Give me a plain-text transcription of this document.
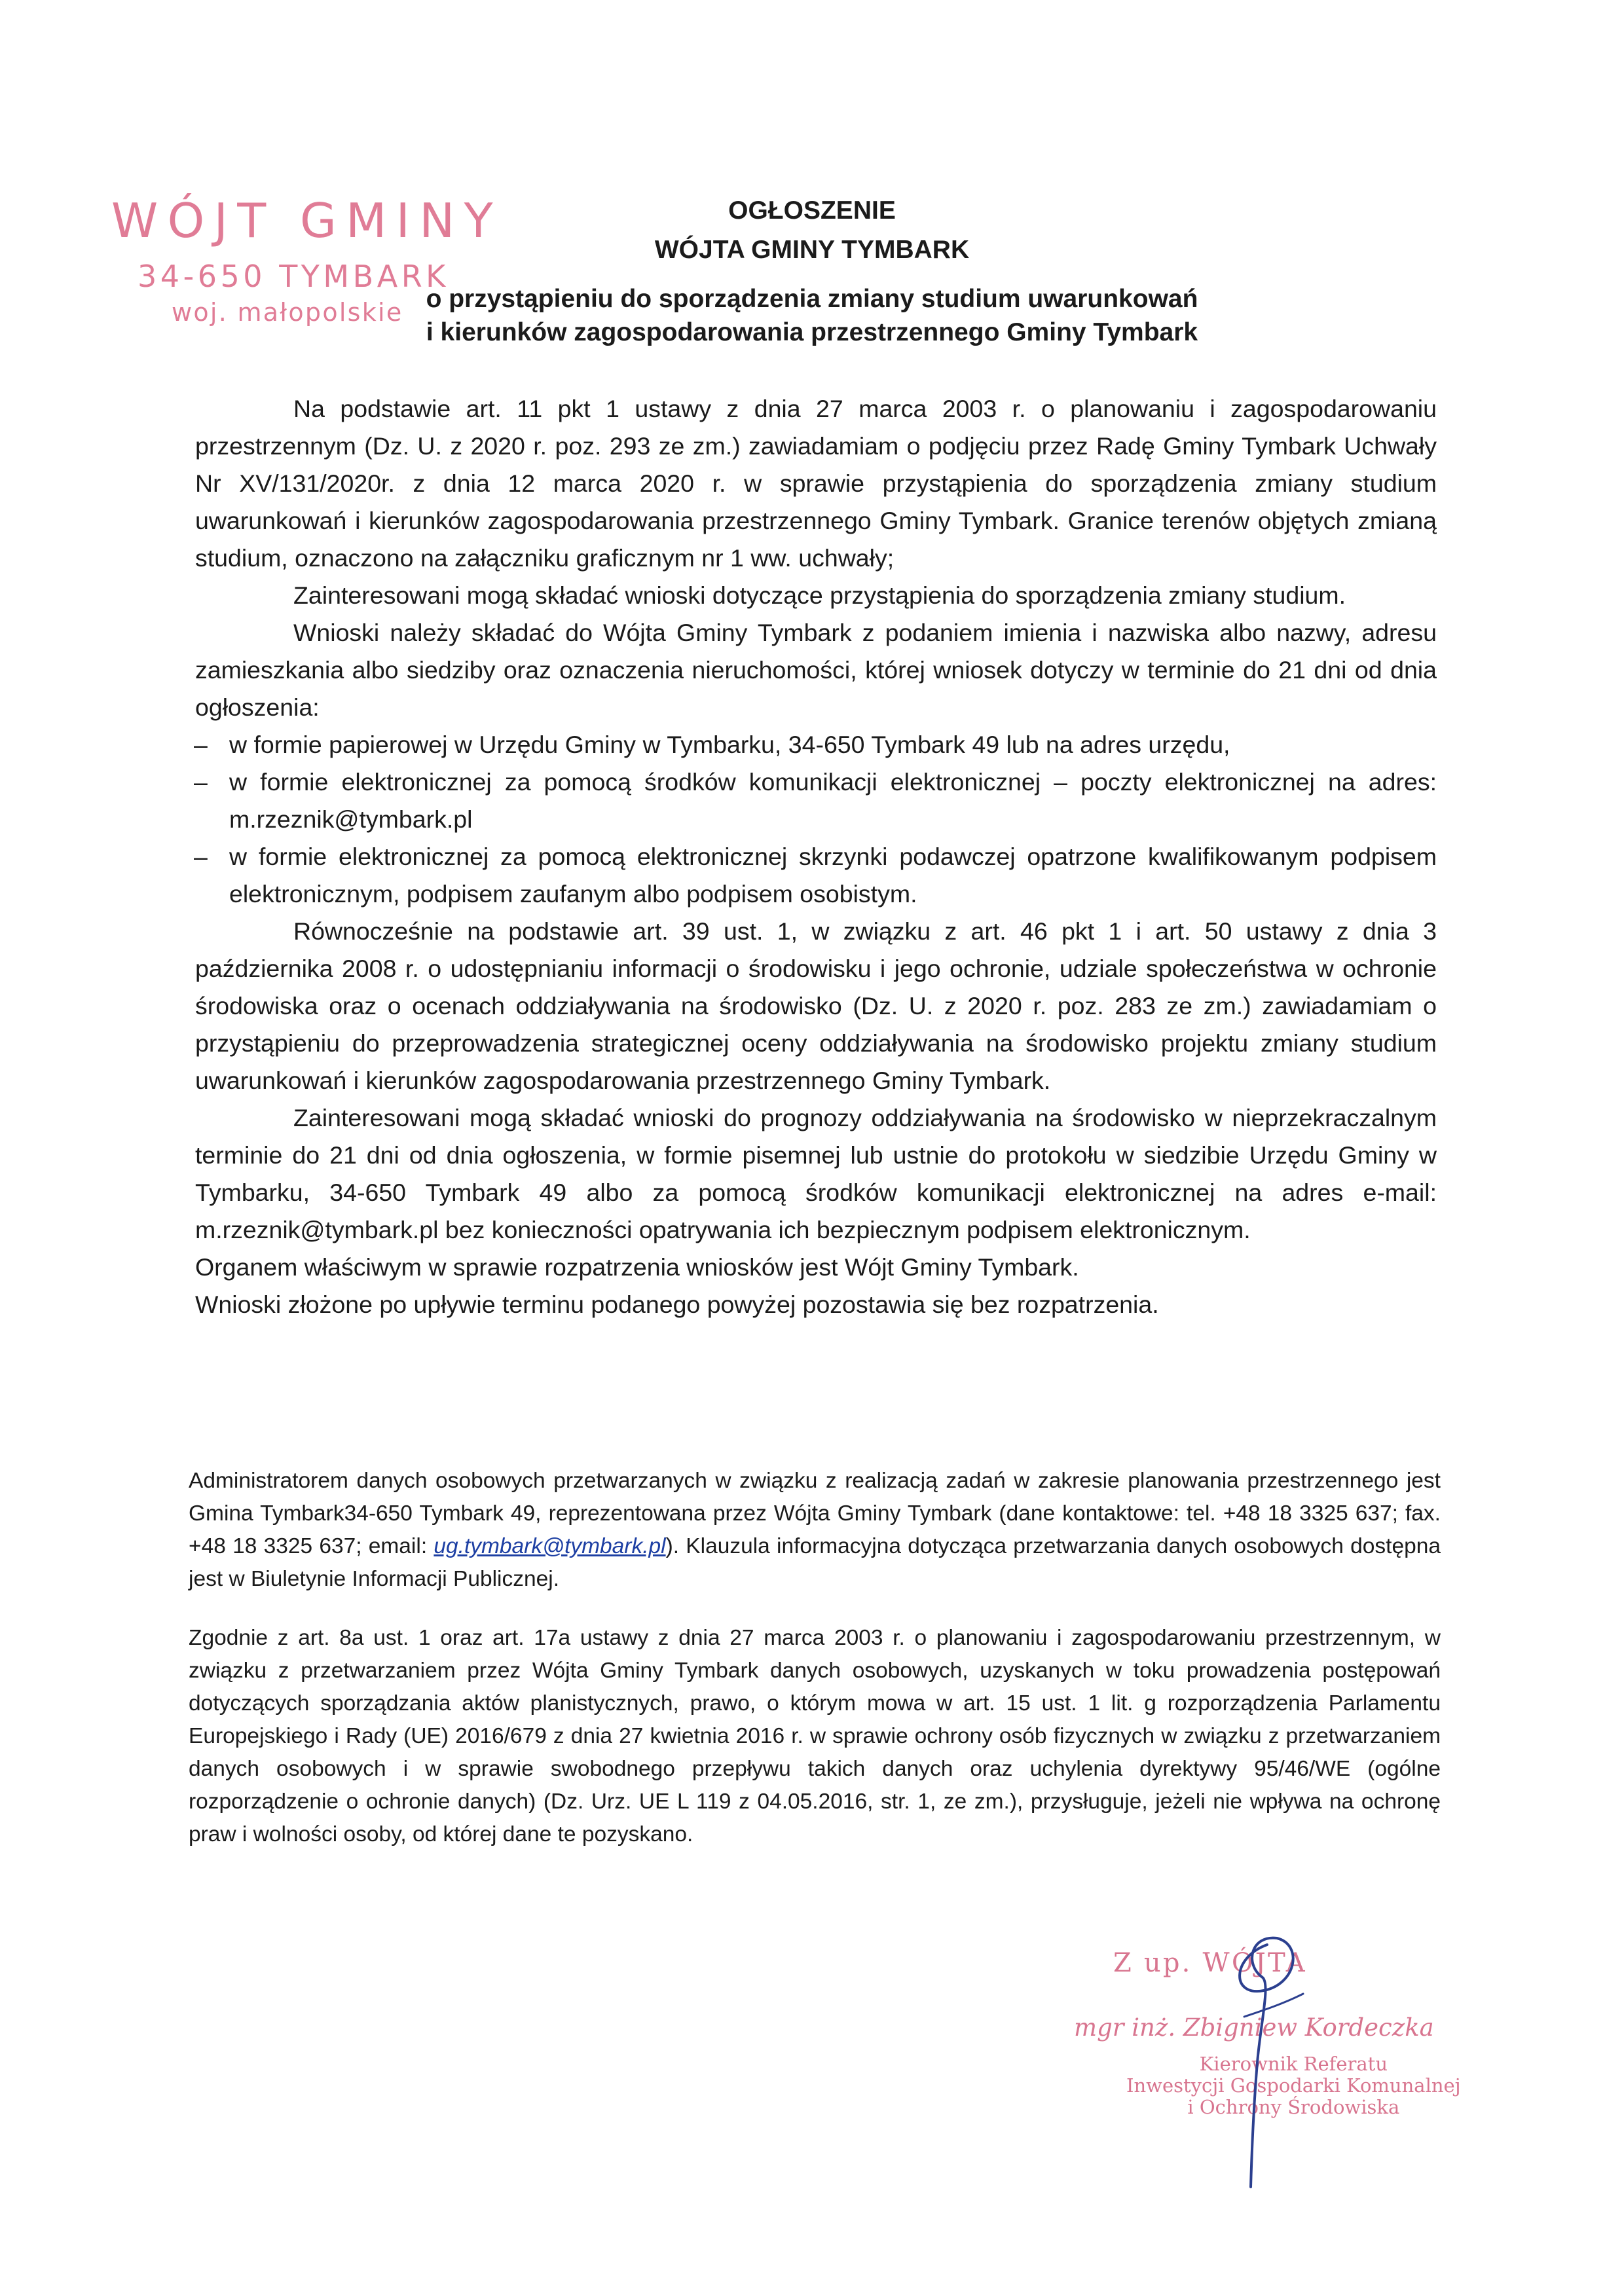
WÓJT GMINY
34-650 TYMBARK
woj. małopolskie
OGŁOSZENIE
WÓJTA GMINY TYMBARK
o przystąpieniu do sporządzenia zmiany studium uwarunkowań
i kierunków zagospodarowania przestrzennego Gminy Tymbark

Na podstawie art. 11 pkt 1 ustawy z dnia 27 marca 2003 r. o planowaniu i zagospodarowaniu przestrzennym (Dz. U. z 2020 r. poz. 293 ze zm.) zawiadamiam o podjęciu przez Radę Gminy Tymbark Uchwały Nr XV/131/2020r. z dnia 12 marca 2020 r. w sprawie przystąpienia do sporządzenia zmiany studium uwarunkowań i kierunków zagospodarowania przestrzennego Gminy Tymbark. Granice terenów objętych zmianą studium, oznaczono na załączniku graficznym nr 1 ww. uchwały;

Zainteresowani mogą składać wnioski dotyczące przystąpienia do sporządzenia zmiany studium.

Wnioski należy składać do Wójta Gminy Tymbark z podaniem imienia i nazwiska albo nazwy, adresu zamieszkania albo siedziby oraz oznaczenia nieruchomości, której wniosek dotyczy w terminie do 21 dni od dnia ogłoszenia:

– w formie papierowej w Urzędu Gminy w Tymbarku, 34-650 Tymbark 49 lub na adres urzędu,
– w formie elektronicznej za pomocą środków komunikacji elektronicznej – poczty elektronicznej na adres: m.rzeznik@tymbark.pl
– w formie elektronicznej za pomocą elektronicznej skrzynki podawczej opatrzone kwalifikowanym podpisem elektronicznym, podpisem zaufanym albo podpisem osobistym.

Równocześnie na podstawie art. 39 ust. 1, w związku z art. 46 pkt 1 i art. 50 ustawy z dnia 3 października 2008 r. o udostępnianiu informacji o środowisku i jego ochronie, udziale społeczeństwa w ochronie środowiska oraz o ocenach oddziaływania na środowisko (Dz. U. z 2020 r. poz. 283 ze zm.) zawiadamiam o przystąpieniu do przeprowadzenia strategicznej oceny oddziaływania na środowisko projektu zmiany studium uwarunkowań i kierunków zagospodarowania przestrzennego Gminy Tymbark.

Zainteresowani mogą składać wnioski do prognozy oddziaływania na środowisko w nieprzekraczalnym terminie do 21 dni od dnia ogłoszenia, w formie pisemnej lub ustnie do protokołu w siedzibie Urzędu Gminy w Tymbarku, 34-650 Tymbark 49 albo za pomocą środków komunikacji elektronicznej na adres e-mail: m.rzeznik@tymbark.pl bez konieczności opatrywania ich bezpiecznym podpisem elektronicznym.

Organem właściwym w sprawie rozpatrzenia wniosków jest Wójt Gminy Tymbark.

Wnioski złożone po upływie terminu podanego powyżej pozostawia się bez rozpatrzenia.

Administratorem danych osobowych przetwarzanych w związku z realizacją zadań w zakresie planowania przestrzennego jest Gmina Tymbark34-650 Tymbark 49, reprezentowana przez Wójta Gminy Tymbark (dane kontaktowe: tel. +48 18 3325 637; fax. +48 18 3325 637; email: ug.tymbark@tymbark.pl). Klauzula informacyjna dotycząca przetwarzania danych osobowych dostępna jest w Biuletynie Informacji Publicznej.

Zgodnie z art. 8a ust. 1 oraz art. 17a ustawy z dnia 27 marca 2003 r. o planowaniu i zagospodarowaniu przestrzennym, w związku z przetwarzaniem przez Wójta Gminy Tymbark danych osobowych, uzyskanych w toku prowadzenia postępowań dotyczących sporządzania aktów planistycznych, prawo, o którym mowa w art. 15 ust. 1 lit. g rozporządzenia Parlamentu Europejskiego i Rady (UE) 2016/679 z dnia 27 kwietnia 2016 r. w sprawie ochrony osób fizycznych w związku z przetwarzaniem danych osobowych i w sprawie swobodnego przepływu takich danych oraz uchylenia dyrektywy 95/46/WE (ogólne rozporządzenie o ochronie danych) (Dz. Urz. UE L 119 z 04.05.2016, str. 1, ze zm.), przysługuje, jeżeli nie wpływa na ochronę praw i wolności osoby, od której dane te pozyskano.

Z up. WÓJTA
mgr inż. Zbigniew Kordeczka
Kierownik Referatu
Inwestycji Gospodarki Komunalnej
i Ochrony Środowiska
